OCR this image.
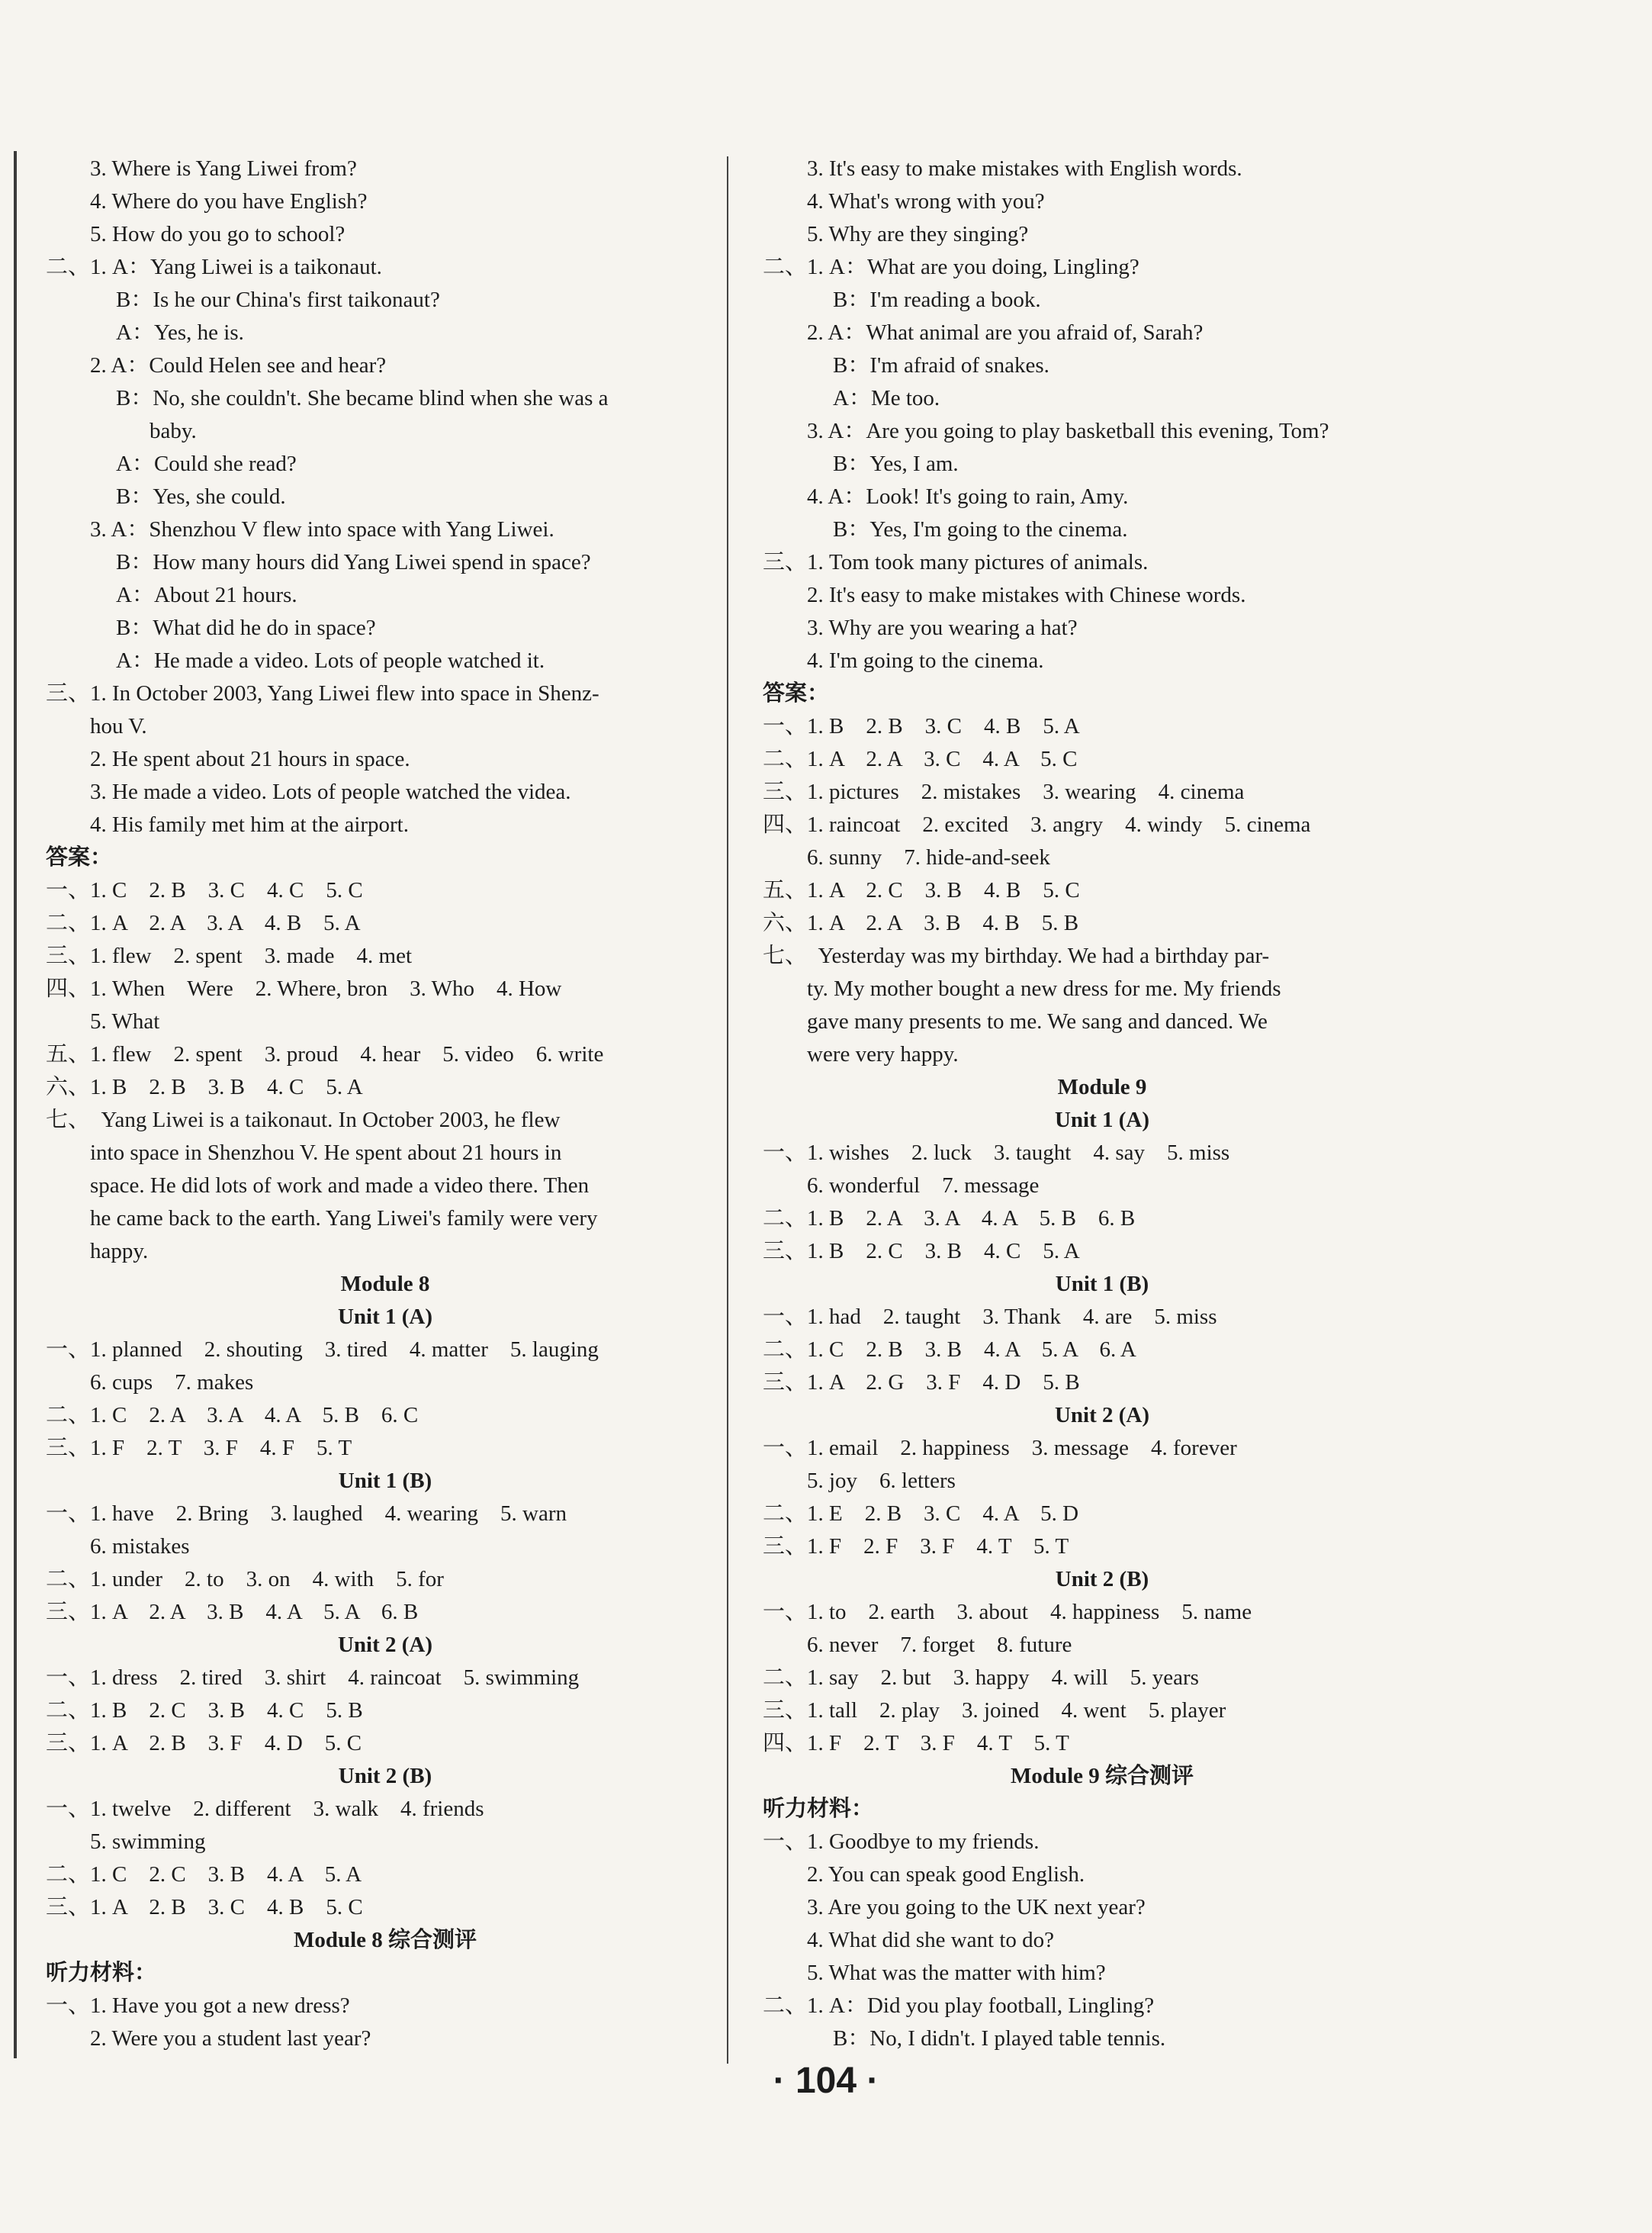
3. Where is Yang Liwei from?
4. Where do you have English?
5. How do you go to school?
二、1. A：Yang Liwei is a taikonaut.
B：Is he our China's first taikonaut?
A：Yes, he is.
2. A：Could Helen see and hear?
B：No, she couldn't. She became blind when she was a
baby.
A：Could she read?
B：Yes, she could.
3. A：Shenzhou V flew into space with Yang Liwei.
B：How many hours did Yang Liwei spend in space?
A：About 21 hours.
B：What did he do in space?
A：He made a video. Lots of people watched it.
三、1. In October 2003, Yang Liwei flew into space in Shenz-
hou V.
2. He spent about 21 hours in space.
3. He made a video. Lots of people watched the videa.
4. His family met him at the airport.
答案：
一、1. C　2. B　3. C　4. C　5. C
二、1. A　2. A　3. A　4. B　5. A
三、1. flew　2. spent　3. made　4. met
四、1. When　Were　2. Where, bron　3. Who　4. How
5. What
五、1. flew　2. spent　3. proud　4. hear　5. video　6. write
六、1. B　2. B　3. B　4. C　5. A
七、　Yang Liwei is a taikonaut. In October 2003, he flew
into space in Shenzhou V. He spent about 21 hours in
space. He did lots of work and made a video there. Then
he came back to the earth. Yang Liwei's family were very
happy.
Module 8
Unit 1 (A)
一、1. planned　2. shouting　3. tired　4. matter　5. lauging
6. cups　7. makes
二、1. C　2. A　3. A　4. A　5. B　6. C
三、1. F　2. T　3. F　4. F　5. T
Unit 1 (B)
一、1. have　2. Bring　3. laughed　4. wearing　5. warn
6. mistakes
二、1. under　2. to　3. on　4. with　5. for
三、1. A　2. A　3. B　4. A　5. A　6. B
Unit 2 (A)
一、1. dress　2. tired　3. shirt　4. raincoat　5. swimming
二、1. B　2. C　3. B　4. C　5. B
三、1. A　2. B　3. F　4. D　5. C
Unit 2 (B)
一、1. twelve　2. different　3. walk　4. friends
5. swimming
二、1. C　2. C　3. B　4. A　5. A
三、1. A　2. B　3. C　4. B　5. C
Module 8 综合测评
听力材料：
一、1. Have you got a new dress?
2. Were you a student last year?
3. It's easy to make mistakes with English words.
4. What's wrong with you?
5. Why are they singing?
二、1. A：What are you doing, Lingling?
B：I'm reading a book.
2. A：What animal are you afraid of, Sarah?
B：I'm afraid of snakes.
A：Me too.
3. A：Are you going to play basketball this evening, Tom?
B：Yes, I am.
4. A：Look! It's going to rain, Amy.
B：Yes, I'm going to the cinema.
三、1. Tom took many pictures of animals.
2. It's easy to make mistakes with Chinese words.
3. Why are you wearing a hat?
4. I'm going to the cinema.
答案：
一、1. B　2. B　3. C　4. B　5. A
二、1. A　2. A　3. C　4. A　5. C
三、1. pictures　2. mistakes　3. wearing　4. cinema
四、1. raincoat　2. excited　3. angry　4. windy　5. cinema
6. sunny　7. hide-and-seek
五、1. A　2. C　3. B　4. B　5. C
六、1. A　2. A　3. B　4. B　5. B
七、　Yesterday was my birthday. We had a birthday par-
ty. My mother bought a new dress for me. My friends
gave many presents to me. We sang and danced. We
were very happy.
Module 9
Unit 1 (A)
一、1. wishes　2. luck　3. taught　4. say　5. miss
6. wonderful　7. message
二、1. B　2. A　3. A　4. A　5. B　6. B
三、1. B　2. C　3. B　4. C　5. A
Unit 1 (B)
一、1. had　2. taught　3. Thank　4. are　5. miss
二、1. C　2. B　3. B　4. A　5. A　6. A
三、1. A　2. G　3. F　4. D　5. B
Unit 2 (A)
一、1. email　2. happiness　3. message　4. forever
5. joy　6. letters
二、1. E　2. B　3. C　4. A　5. D
三、1. F　2. F　3. F　4. T　5. T
Unit 2 (B)
一、1. to　2. earth　3. about　4. happiness　5. name
6. never　7. forget　8. future
二、1. say　2. but　3. happy　4. will　5. years
三、1. tall　2. play　3. joined　4. went　5. player
四、1. F　2. T　3. F　4. T　5. T
Module 9 综合测评
听力材料：
一、1. Goodbye to my friends.
2. You can speak good English.
3. Are you going to the UK next year?
4. What did she want to do?
5. What was the matter with him?
二、1. A：Did you play football, Lingling?
B：No, I didn't. I played table tennis.
· 104 ·
